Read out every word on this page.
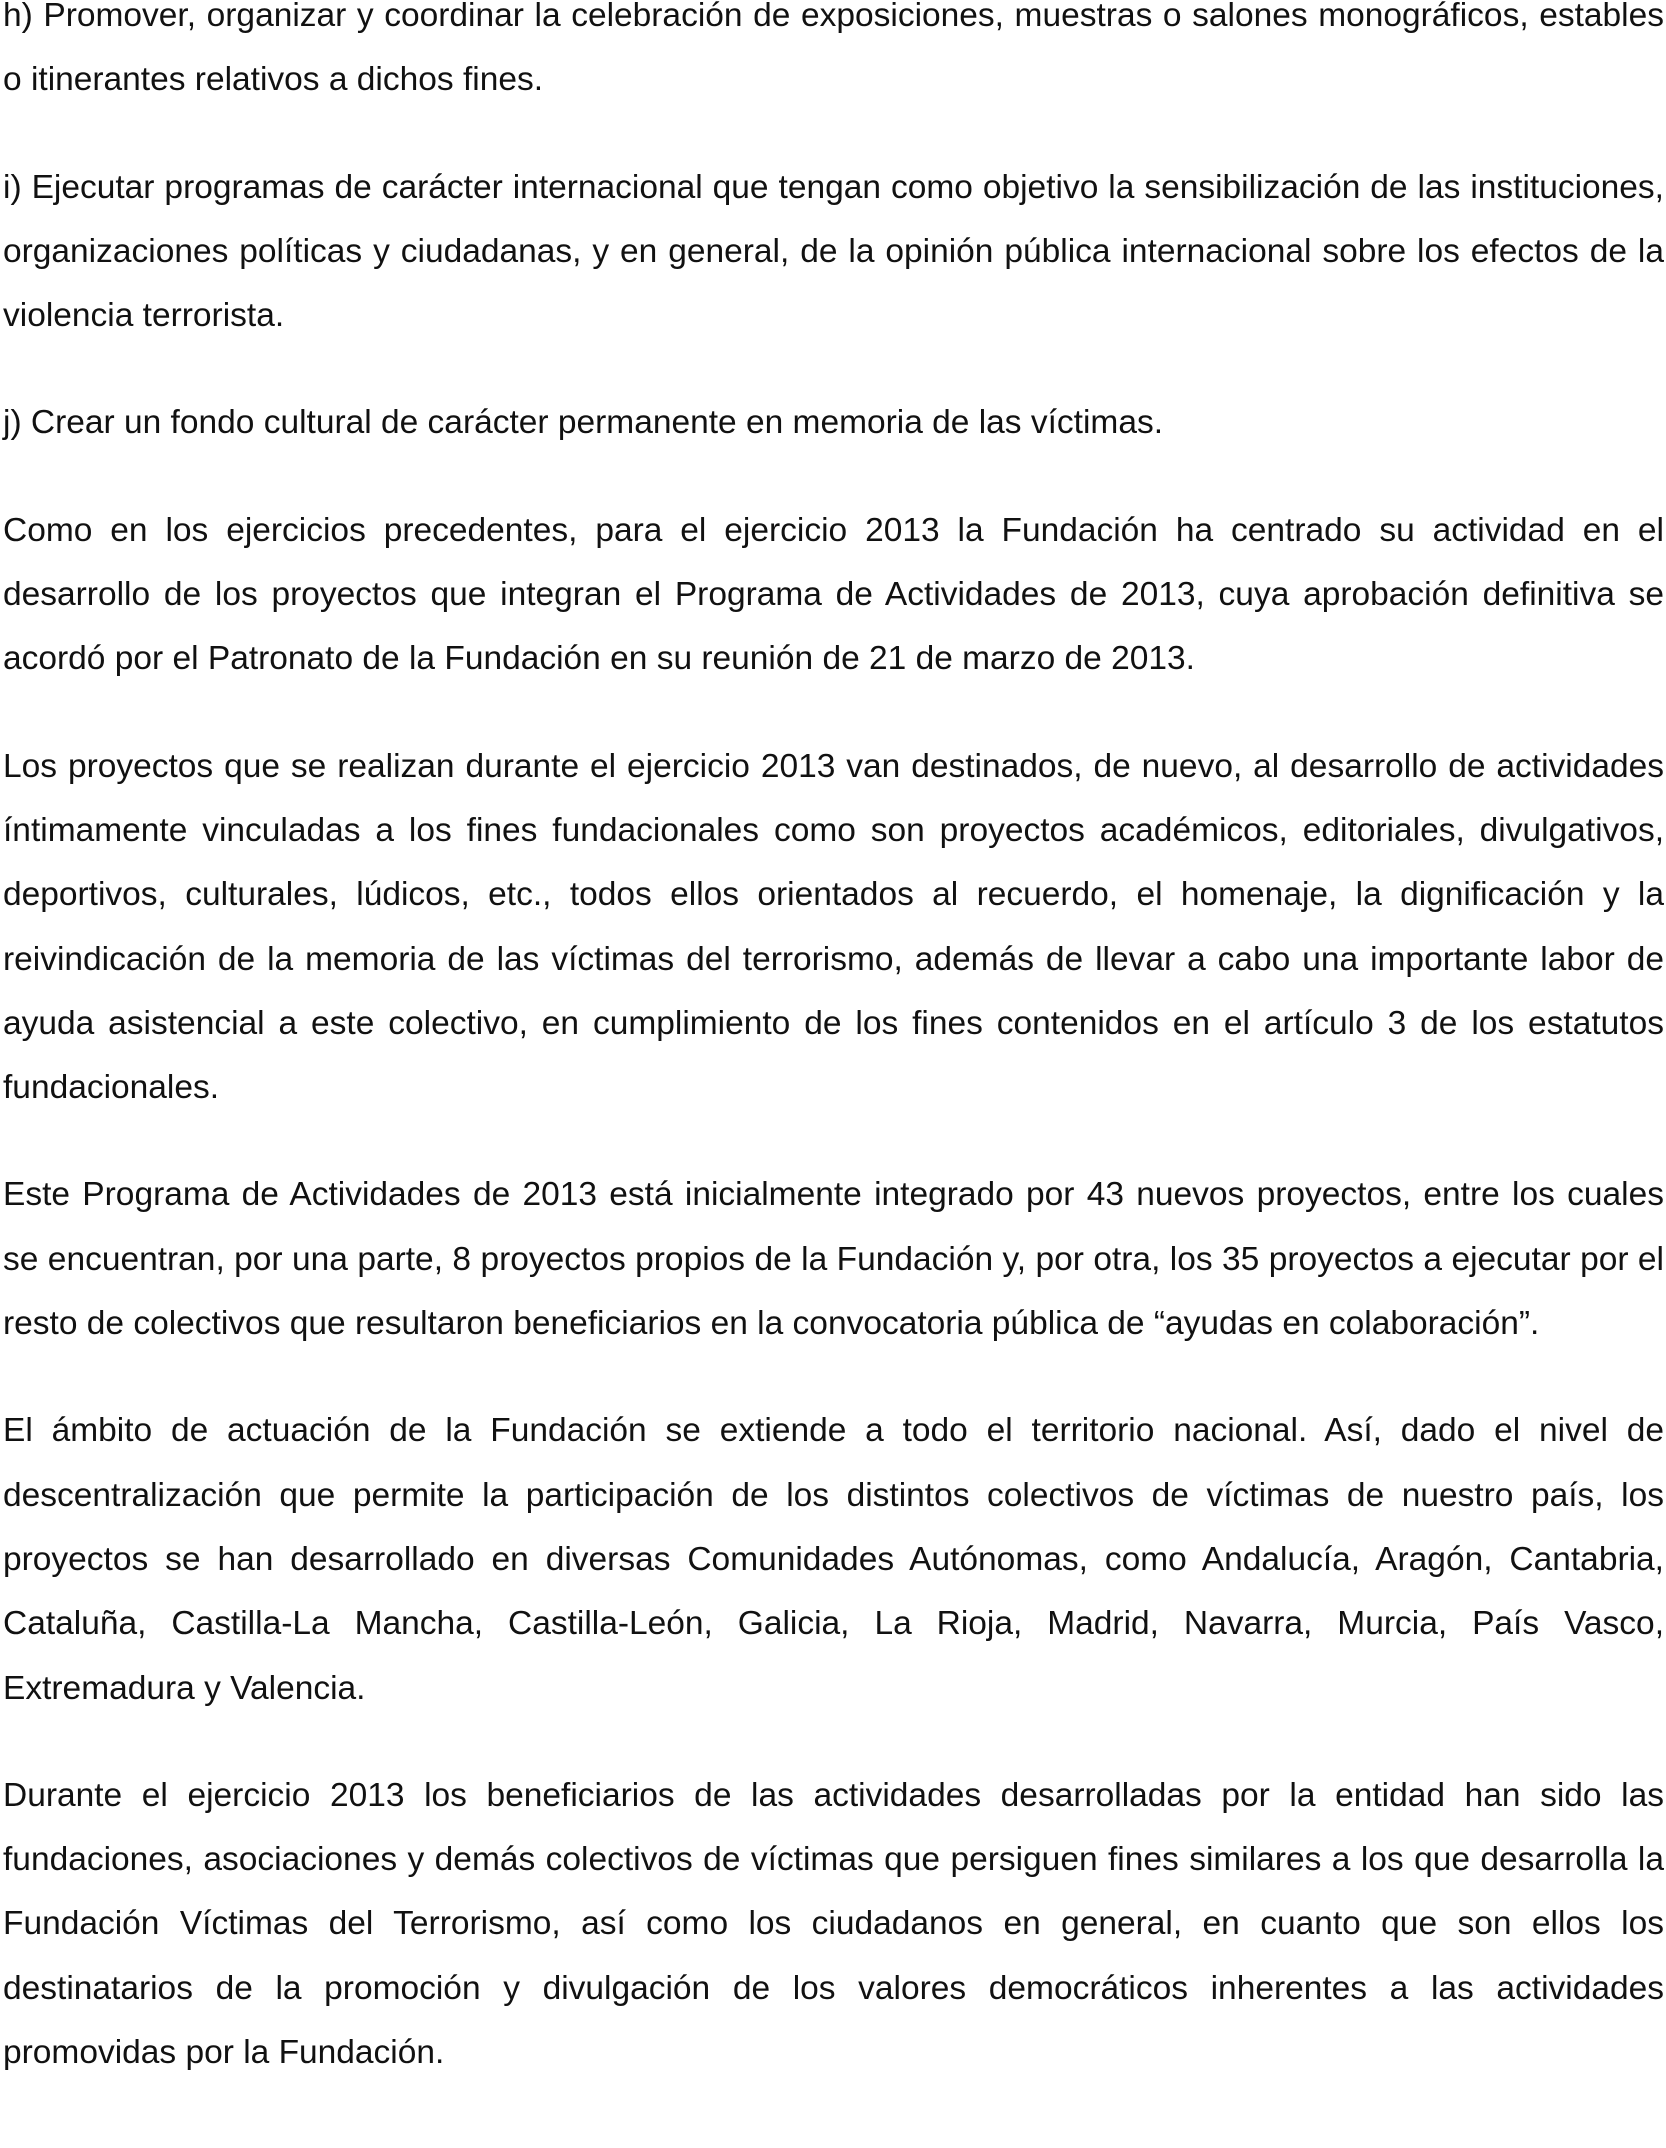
h) Promover, organizar y coordinar la celebración de exposiciones, muestras o salones monográficos, estables o itinerantes relativos a dichos fines.

i) Ejecutar programas de carácter internacional que tengan como objetivo la sensibilización de las instituciones, organizaciones políticas y ciudadanas, y en general, de la opinión pública internacional sobre los efectos de la violencia terrorista.

j) Crear un fondo cultural de carácter permanente en memoria de las víctimas.

Como en los ejercicios precedentes, para el ejercicio 2013 la Fundación ha centrado su actividad en el desarrollo de los proyectos que integran el Programa de Actividades de 2013, cuya aprobación definitiva se acordó por el Patronato de la Fundación en su reunión de 21 de marzo de 2013.

Los proyectos que se realizan durante el ejercicio 2013 van destinados, de nuevo, al desarrollo de actividades íntimamente vinculadas a los fines fundacionales como son proyectos académicos, editoriales, divulgativos, deportivos, culturales, lúdicos, etc., todos ellos orientados al recuerdo, el homenaje, la dignificación y la reivindicación de la memoria de las víctimas del terrorismo, además de llevar a cabo una importante labor de ayuda asistencial a este colectivo, en cumplimiento de los fines contenidos en el artículo 3 de los estatutos fundacionales.

Este Programa de Actividades de 2013 está inicialmente integrado por 43 nuevos proyectos, entre los cuales se encuentran, por una parte, 8 proyectos propios de la Fundación y, por otra, los 35 proyectos a ejecutar por el resto de colectivos que resultaron beneficiarios en la convocatoria pública de “ayudas en colaboración”.

El ámbito de actuación de la Fundación se extiende a todo el territorio nacional. Así, dado el nivel de descentralización que permite la participación de los distintos colectivos de víctimas de nuestro país, los proyectos se han desarrollado en diversas Comunidades Autónomas, como Andalucía, Aragón, Cantabria, Cataluña, Castilla-La Mancha, Castilla-León, Galicia, La Rioja, Madrid, Navarra, Murcia, País Vasco, Extremadura y Valencia.

Durante el ejercicio 2013 los beneficiarios de las actividades desarrolladas por la entidad han sido las fundaciones, asociaciones y demás colectivos de víctimas que persiguen fines similares a los que desarrolla la Fundación Víctimas del Terrorismo, así como los ciudadanos en general, en cuanto que son ellos los destinatarios de la promoción y divulgación de los valores democráticos inherentes a las actividades promovidas por la Fundación.
